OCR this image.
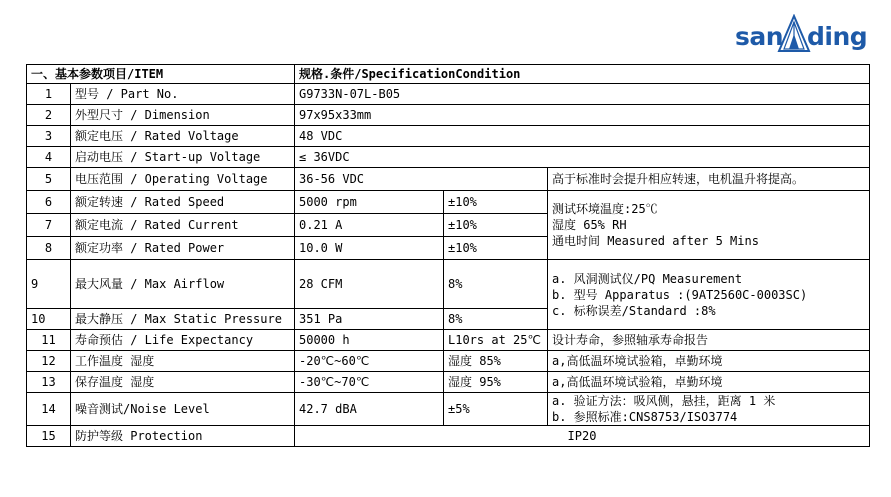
san ding
一、基本参数项目/ITEM		规格.条件/SpecificationCondition		
1	型号 / Part No.	G9733N-07L-B05		
2	外型尺寸 / Dimension	97x95x33mm		
3	额定电压 / Rated Voltage	48 VDC		
4	启动电压 / Start-up Voltage	≤ 36VDC		
5	电压范围 / Operating Voltage	36-56 VDC		高于标准时会提升相应转速，电机温升将提高。
6	额定转速 / Rated Speed	5000 rpm	±10%	测试环境温度:25℃
湿度 65% RH
通电时间 Measured after 5 Mins

7	额定电流 / Rated Current	0.21 A	±10%	
8	额定功率 / Rated Power	10.0 W	±10%	
9	最大风量 / Max Airflow	28 CFM	8%	a. 风洞测试仪/PQ Measurement
b. 型号 Apparatus :(9AT2560C-0003SC)
c. 标称误差/Standard :8%

10	最大静压 / Max Static Pressure	351 Pa	8%	
11	寿命预估 / Life Expectancy	50000 h	L10rs at 25℃	设计寿命，参照轴承寿命报告
12	工作温度 湿度	-20℃~60℃	湿度 85%	a,高低温环境试验箱，卓勤环境
13	保存温度 湿度	-30℃~70℃	湿度 95%	a,高低温环境试验箱，卓勤环境
14	噪音测试/Noise Level	42.7 dBA	±5%	a. 验证方法：吸风侧，悬挂，距离 1 米
b. 参照标准:CNS8753/ISO3774

15	防护等级 Protection	IP20		
